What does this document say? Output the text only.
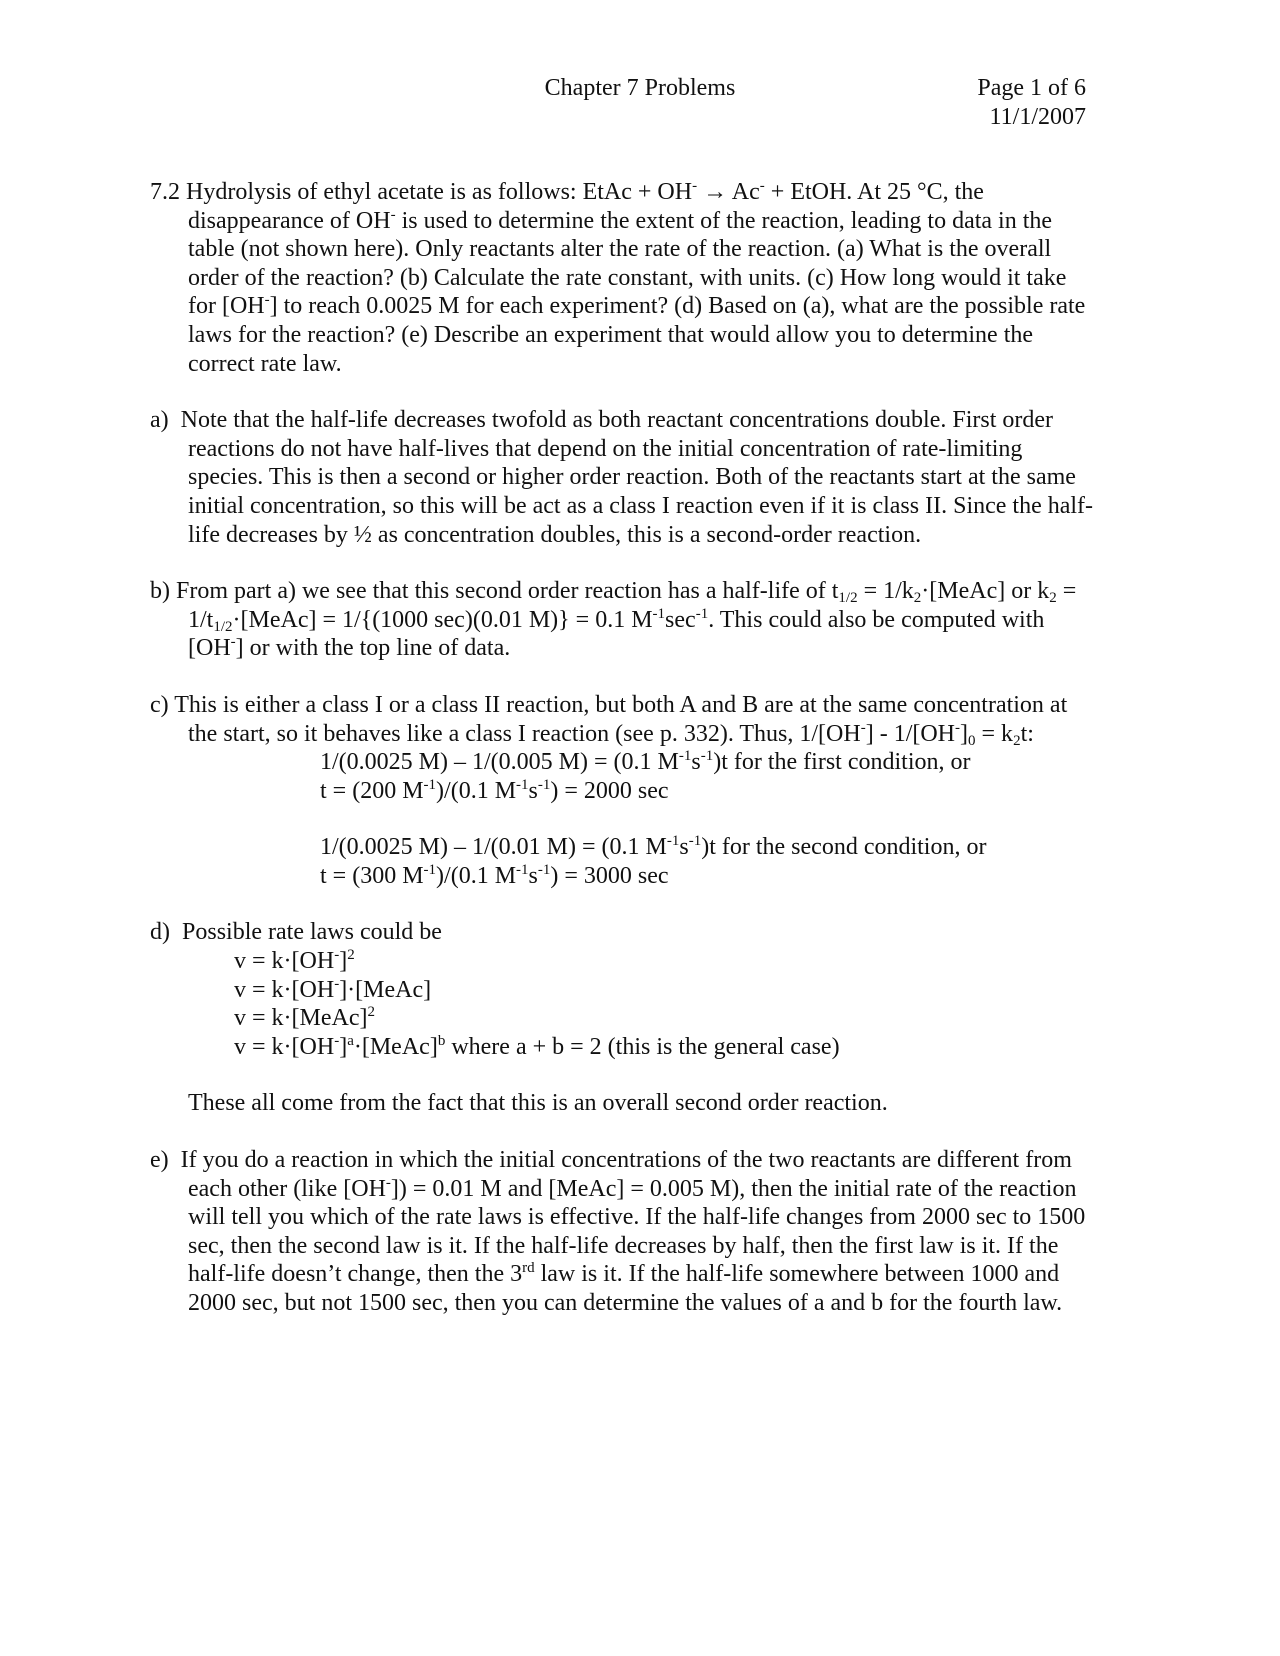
Chapter 7 Problems	Page 1 of 6
11/1/2007
7.2 Hydrolysis of ethyl acetate is as follows: EtAc + OH- → Ac- + EtOH. At 25 °C, the disappearance of OH- is used to determine the extent of the reaction, leading to data in the table (not shown here). Only reactants alter the rate of the reaction. (a) What is the overall order of the reaction? (b) Calculate the rate constant, with units. (c) How long would it take for [OH-] to reach 0.0025 M for each experiment? (d) Based on (a), what are the possible rate laws for the reaction? (e) Describe an experiment that would allow you to determine the correct rate law.
a) Note that the half-life decreases twofold as both reactant concentrations double. First order reactions do not have half-lives that depend on the initial concentration of rate-limiting species. This is then a second or higher order reaction. Both of the reactants start at the same initial concentration, so this will be act as a class I reaction even if it is class II. Since the half-life decreases by ½ as concentration doubles, this is a second-order reaction.
b) From part a) we see that this second order reaction has a half-life of $t_{1/2}$ = $1/k_2\cdot[MeAc]$ or $k_2$ = $1/t_{1/2}\cdot[MeAc] = 1/\{(1000$ sec)(0.01 M)} = 0.1 $M^{-1}\sec^{-1}$. This could also be computed with [OH-] or with the top line of data.
c) This is either a class I or a class II reaction, but both A and B are at the same concentration at the start, so it behaves like a class I reaction (see p. 332). Thus, $1/[OH^-] - 1/[OH^-]_0 = k_2t$:
1/(0.0025 M) – 1/(0.005 M) = (0.1 $M^{-1}s^{-1})t$ for the first condition, or
t = (200 $M^{-1})/(0.1$ $M^{-1}s^{-1}) = 2000$ sec
1/(0.0025 M) – 1/(0.01 M) = (0.1 $M^{-1}s^{-1})t$ for the second condition, or
t = (300 $M^{-1})/(0.1$ $M^{-1}s^{-1}) = 3000$ sec
d) Possible rate laws could be
$v = k\cdot[OH^-]^2$
v = k·[OH-]·[MeAc]
v = k·[MeAc]$^2$
$v = k\cdot[OH^-]^a\cdot[MeAc]^b$ where a + b = 2 (this is the general case)
These all come from the fact that this is an overall second order reaction.
e) If you do a reaction in which the initial concentrations of the two reactants are different from each other (like [OH-]) = 0.01 M and [MeAc] = 0.005 M), then the initial rate of the reaction will tell you which of the rate laws is effective. If the half-life changes from 2000 sec to 1500 sec, then the second law is it. If the half-life decreases by half, then the first law is it. If the half-life doesn’t change, then the 3rd law is it. If the half-life somewhere between 1000 and 2000 sec, but not 1500 sec, then you can determine the values of a and b for the fourth law.
